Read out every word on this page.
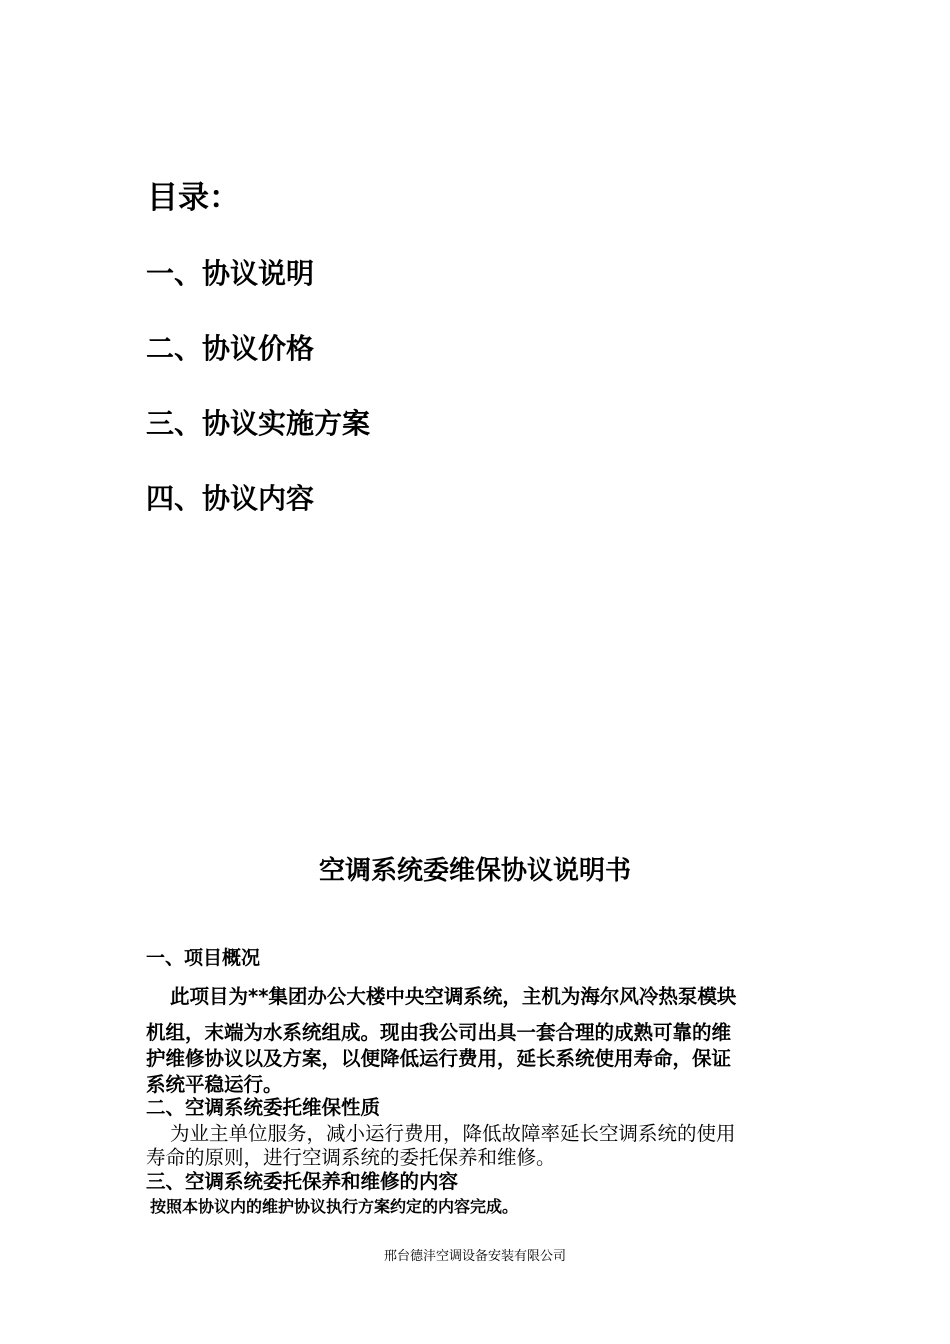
目录：
一、协议说明
二、协议价格
三、协议实施方案
四、协议内容
空调系统委维保协议说明书
一、项目概况
此项目为**集团办公大楼中央空调系统，主机为海尔风冷热泵模块
机组，末端为水系统组成。现由我公司出具一套合理的成熟可靠的维
护维修协议以及方案，以便降低运行费用，延长系统使用寿命，保证
系统平稳运行。
二、空调系统委托维保性质
为业主单位服务，减小运行费用，降低故障率延长空调系统的使用
寿命的原则，进行空调系统的委托保养和维修。
三、空调系统委托保养和维修的内容
按照本协议内的维护协议执行方案约定的内容完成。
邢台德沣空调设备安装有限公司
